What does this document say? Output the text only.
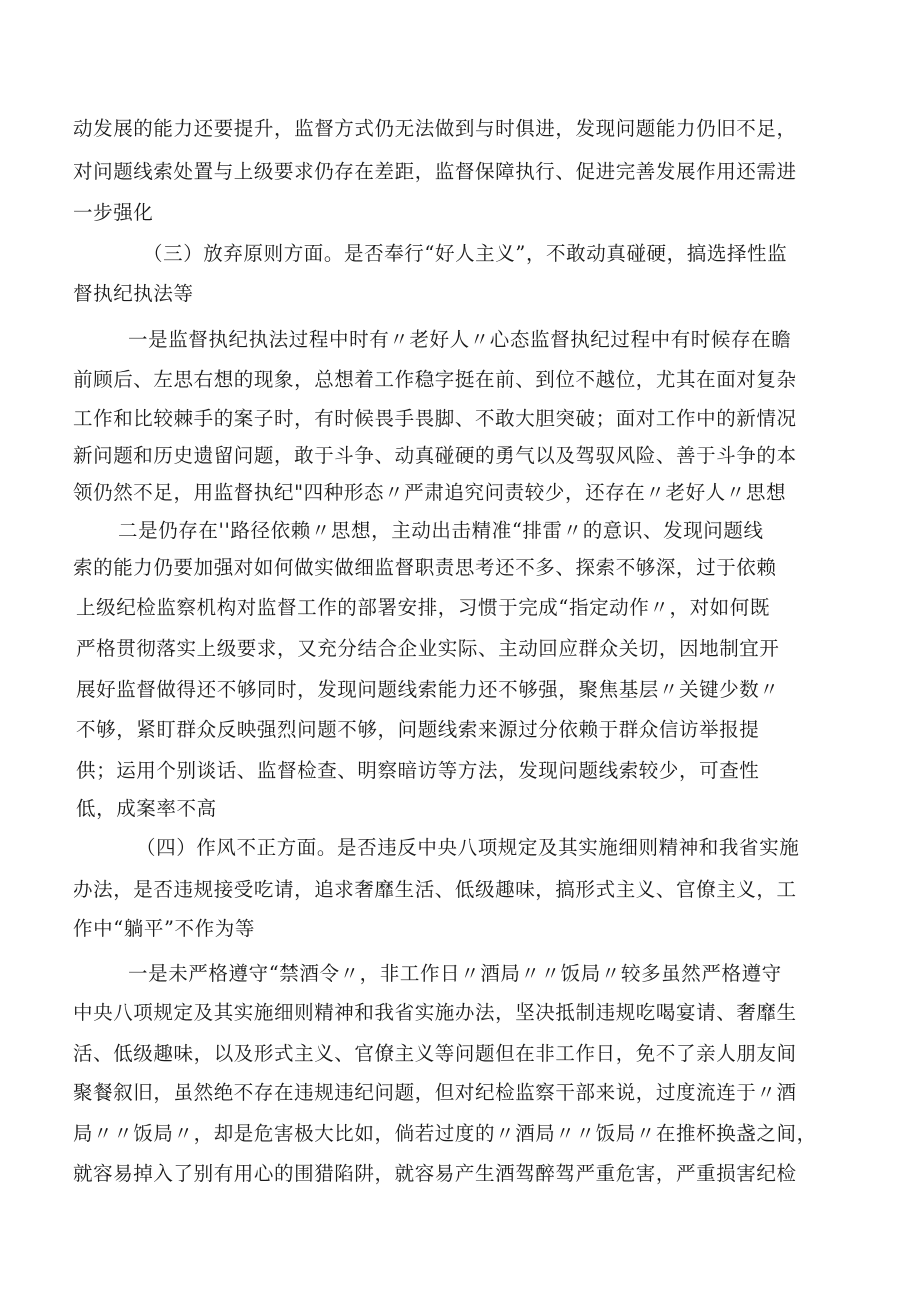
动发展的能力还要提升，监督方式仍无法做到与时俱进，发现问题能力仍旧不足，
对问题线索处置与上级要求仍存在差距，监督保障执行、促进完善发展作用还需进
一步强化
（三）放弃原则方面。是否奉行“好人主义”，不敢动真碰硬，搞选择性监
督执纪执法等
一是监督执纪执法过程中时有〃老好人〃心态监督执纪过程中有时候存在瞻
前顾后、左思右想的现象，总想着工作稳字挺在前、到位不越位，尤其在面对复杂
工作和比较棘手的案子时，有时候畏手畏脚、不敢大胆突破；面对工作中的新情况
新问题和历史遗留问题，敢于斗争、动真碰硬的勇气以及驾驭风险、善于斗争的本
领仍然不足，用监督执纪"四种形态〃严肃追究问责较少，还存在〃老好人〃思想
二是仍存在''路径依赖〃思想，主动出击精准“排雷〃的意识、发现问题线
索的能力仍要加强对如何做实做细监督职责思考还不多、探索不够深，过于依赖
上级纪检监察机构对监督工作的部署安排，习惯于完成“指定动作〃，对如何既
严格贯彻落实上级要求，又充分结合企业实际、主动回应群众关切，因地制宜开
展好监督做得还不够同时，发现问题线索能力还不够强，聚焦基层〃关键少数〃
不够，紧盯群众反映强烈问题不够，问题线索来源过分依赖于群众信访举报提
供；运用个别谈话、监督检查、明察暗访等方法，发现问题线索较少，可查性
低，成案率不高
（四）作风不正方面。是否违反中央八项规定及其实施细则精神和我省实施
办法，是否违规接受吃请，追求奢靡生活、低级趣味，搞形式主义、官僚主义，工
作中“躺平”不作为等
一是未严格遵守“禁酒令〃，非工作日〃酒局〃〃饭局〃较多虽然严格遵守
中央八项规定及其实施细则精神和我省实施办法，坚决抵制违规吃喝宴请、奢靡生
活、低级趣味，以及形式主义、官僚主义等问题但在非工作日，免不了亲人朋友间
聚餐叙旧，虽然绝不存在违规违纪问题，但对纪检监察干部来说，过度流连于〃酒
局〃〃饭局〃，却是危害极大比如，倘若过度的〃酒局〃〃饭局〃在推杯换盏之间，
就容易掉入了别有用心的围猎陷阱，就容易产生酒驾醉驾严重危害，严重损害纪检
